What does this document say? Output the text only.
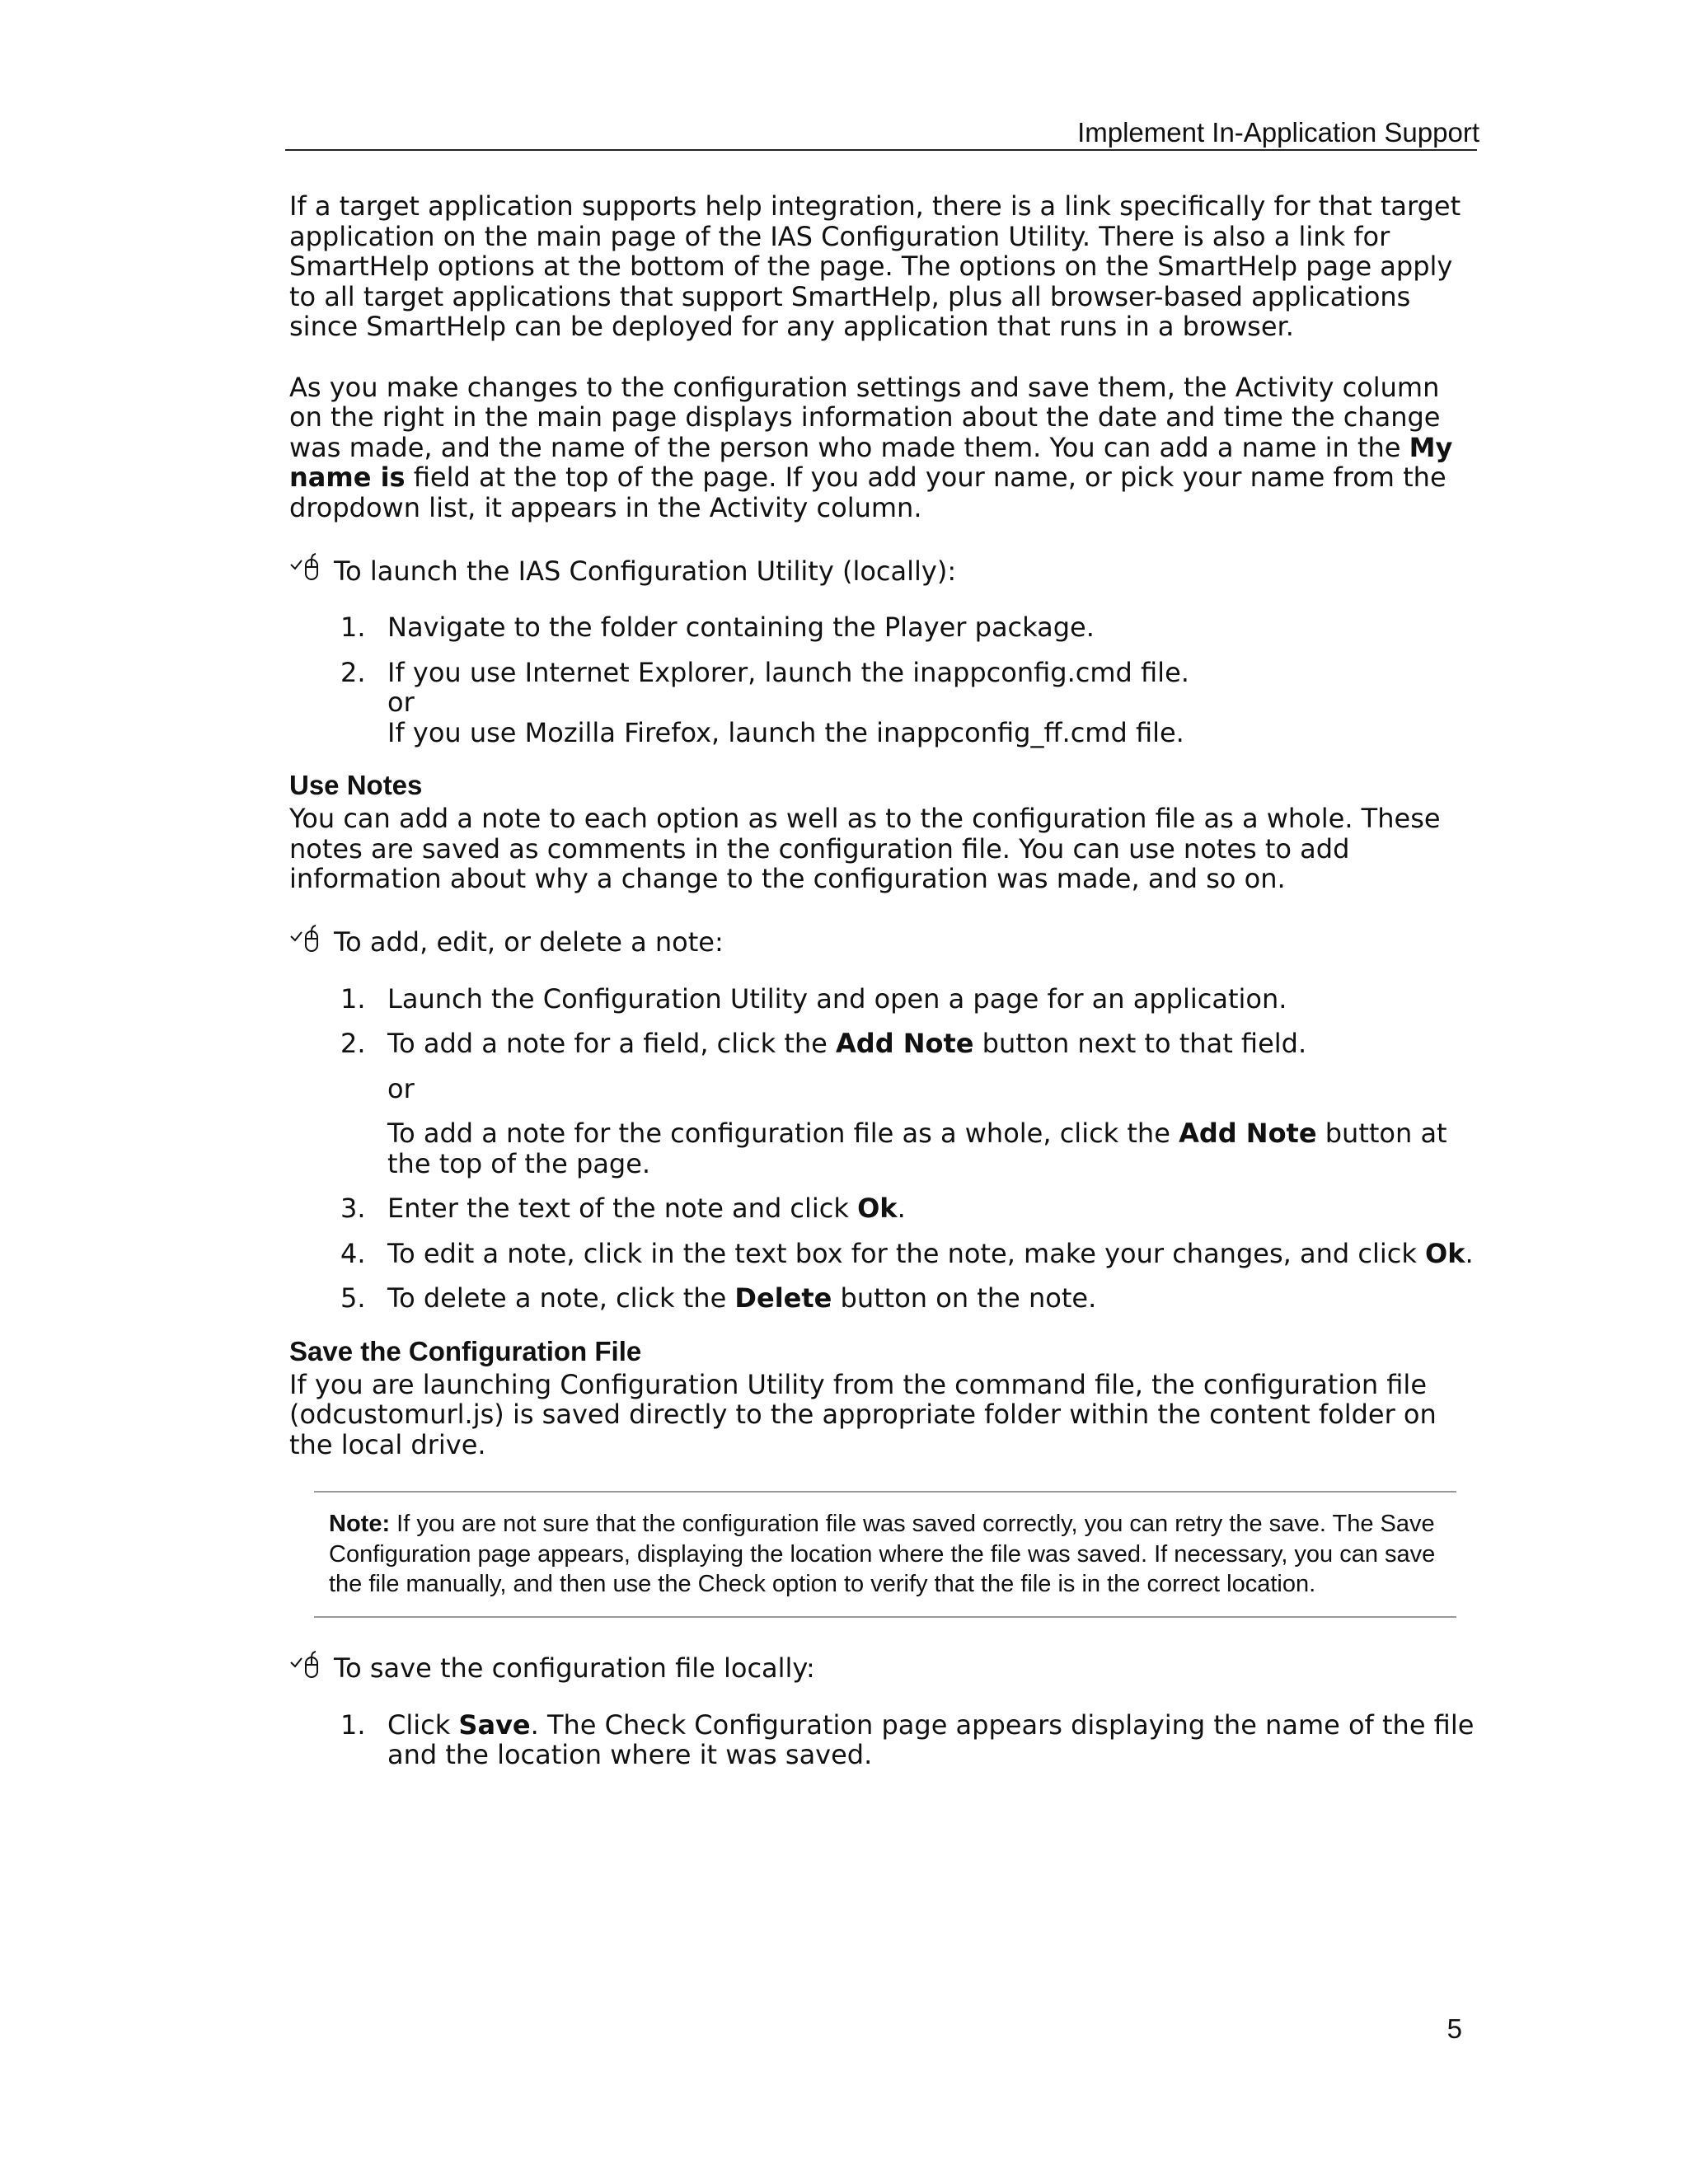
Implement In-Application Support

If a target application supports help integration, there is a link specifically for that target application on the main page of the IAS Configuration Utility. There is also a link for SmartHelp options at the bottom of the page. The options on the SmartHelp page apply to all target applications that support SmartHelp, plus all browser-based applications since SmartHelp can be deployed for any application that runs in a browser.

As you make changes to the configuration settings and save them, the Activity column on the right in the main page displays information about the date and time the change was made, and the name of the person who made them. You can add a name in the My name is field at the top of the page. If you add your name, or pick your name from the dropdown list, it appears in the Activity column.

To launch the IAS Configuration Utility (locally):
1. Navigate to the folder containing the Player package.
2. If you use Internet Explorer, launch the inappconfig.cmd file.
or
If you use Mozilla Firefox, launch the inappconfig_ff.cmd file.
Use Notes

You can add a note to each option as well as to the configuration file as a whole. These notes are saved as comments in the configuration file. You can use notes to add information about why a change to the configuration was made, and so on.

To add, edit, or delete a note:
1. Launch the Configuration Utility and open a page for an application.
2. To add a note for a field, click the Add Note button next to that field.
or
To add a note for the configuration file as a whole, click the Add Note button at the top of the page.
3. Enter the text of the note and click Ok.
4. To edit a note, click in the text box for the note, make your changes, and click Ok.
5. To delete a note, click the Delete button on the note.
Save the Configuration File

If you are launching Configuration Utility from the command file, the configuration file (odcustomurl.js) is saved directly to the appropriate folder within the content folder on the local drive.

Note: If you are not sure that the configuration file was saved correctly, you can retry the save. The Save Configuration page appears, displaying the location where the file was saved. If necessary, you can save the file manually, and then use the Check option to verify that the file is in the correct location.
To save the configuration file locally:
1. Click Save. The Check Configuration page appears displaying the name of the file and the location where it was saved.
5
